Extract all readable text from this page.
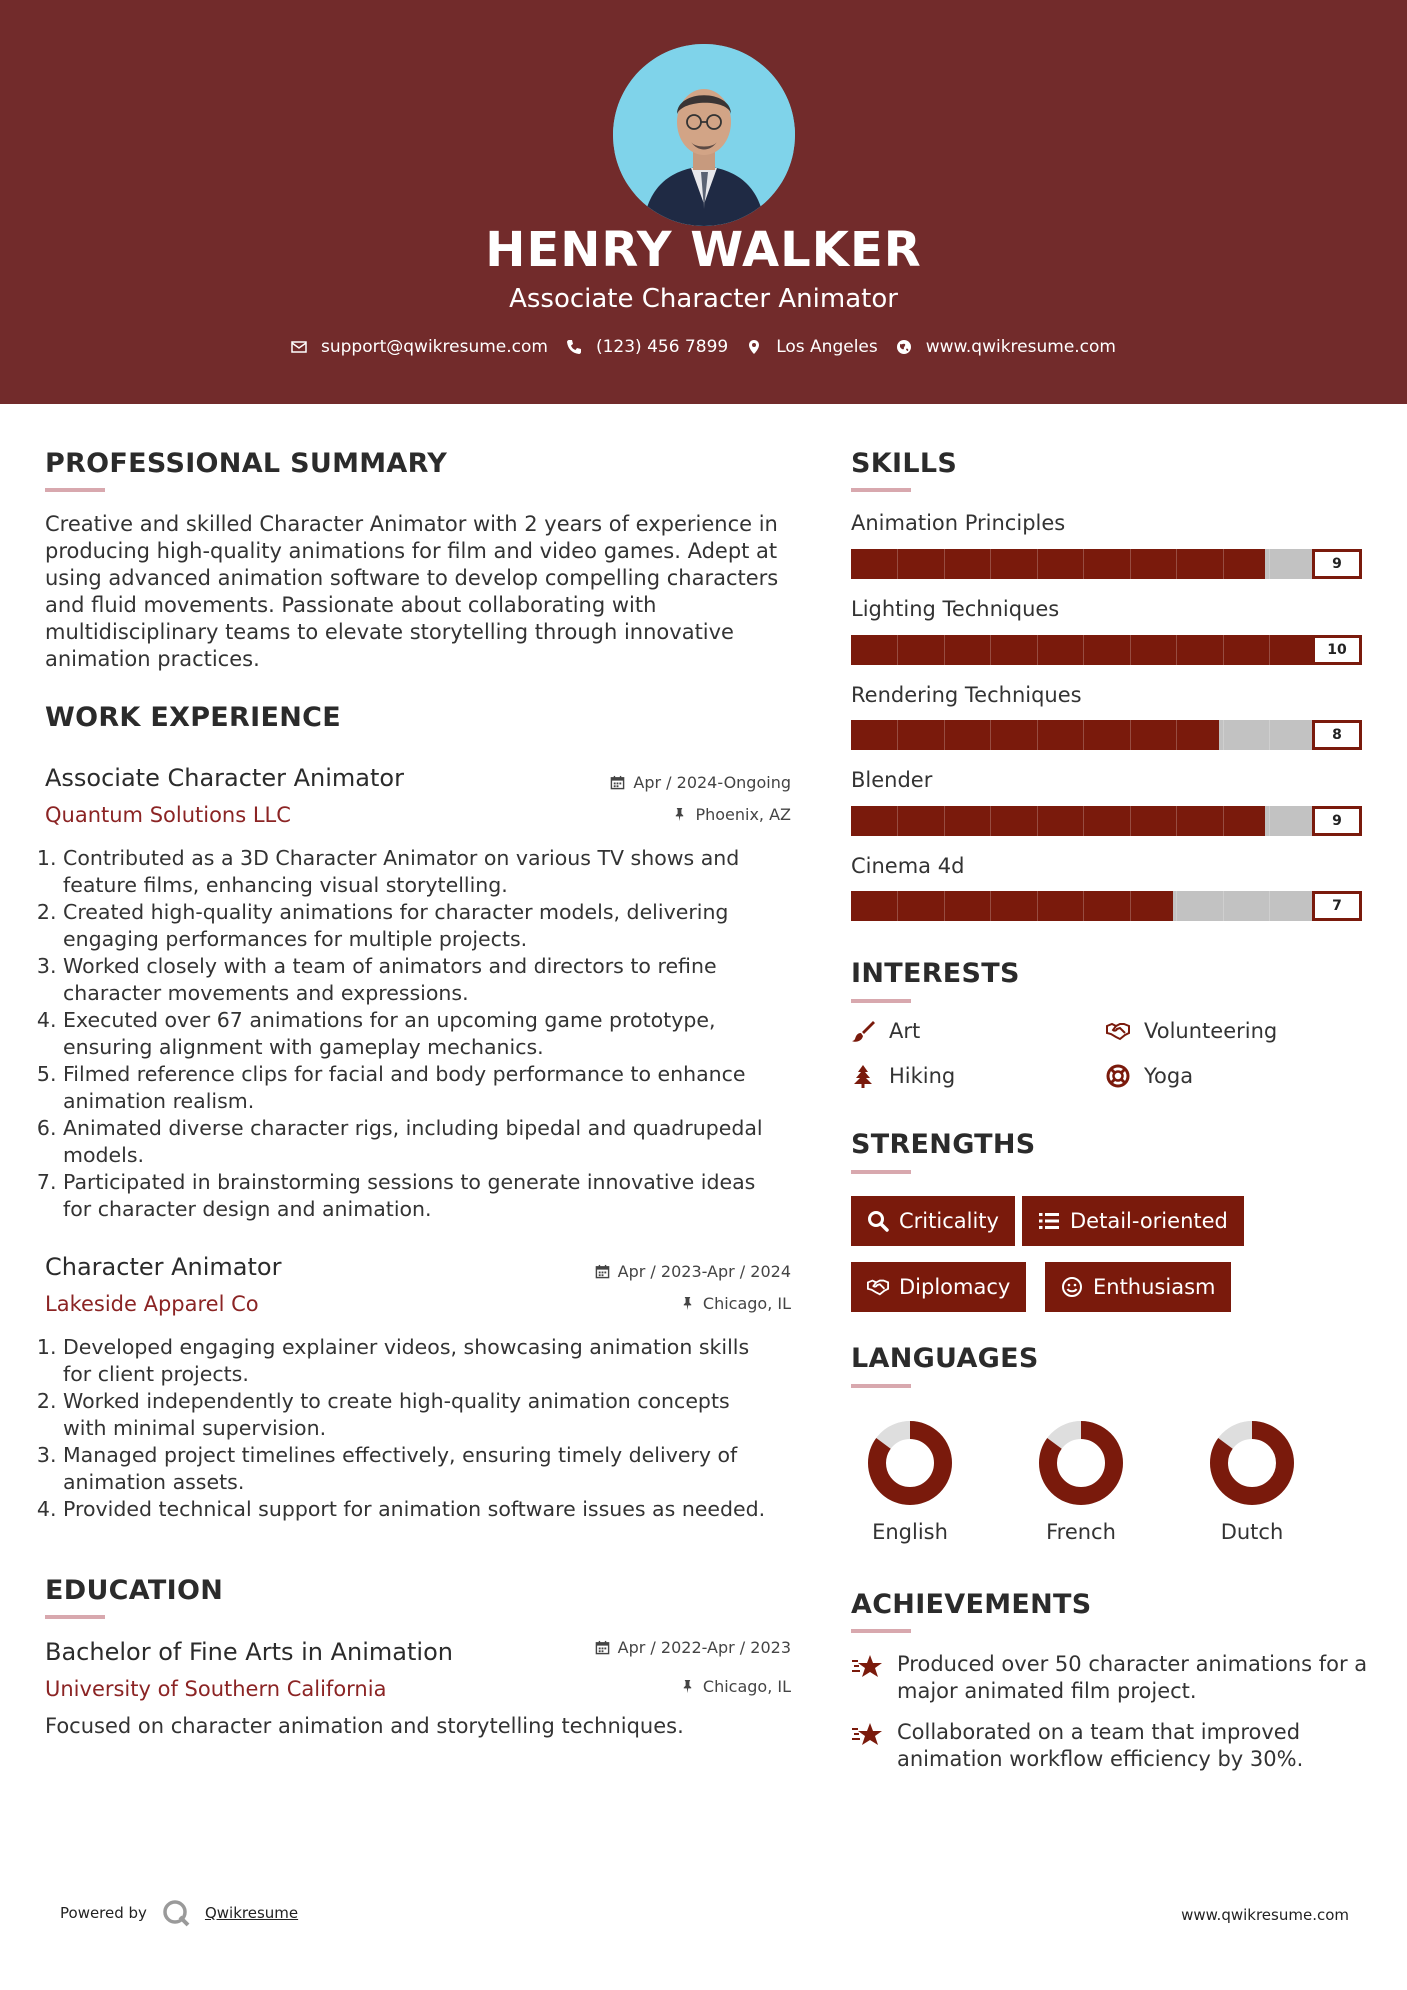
HENRY WALKER
Associate Character Animator
support@qwikresume.com	(123) 456 7899	Los Angeles	www.qwikresume.com
PROFESSIONAL SUMMARY
Creative and skilled Character Animator with 2 years of experience in
producing high-quality animations for film and video games. Adept at
using advanced animation software to develop compelling characters
and fluid movements. Passionate about collaborating with
multidisciplinary teams to elevate storytelling through innovative
animation practices.
WORK EXPERIENCE
Associate Character Animator
Quantum Solutions LLC
Apr / 2024-Ongoing
Phoenix, AZ
1. Contributed as a 3D Character Animator on various TV shows and
feature films, enhancing visual storytelling.
2. Created high-quality animations for character models, delivering
engaging performances for multiple projects.
3. Worked closely with a team of animators and directors to refine
character movements and expressions.
4. Executed over 67 animations for an upcoming game prototype,
ensuring alignment with gameplay mechanics.
5. Filmed reference clips for facial and body performance to enhance
animation realism.
6. Animated diverse character rigs, including bipedal and quadrupedal
models.
7. Participated in brainstorming sessions to generate innovative ideas
for character design and animation.
Character Animator
Lakeside Apparel Co
Apr / 2023-Apr / 2024
Chicago, IL
1. Developed engaging explainer videos, showcasing animation skills
for client projects.
2. Worked independently to create high-quality animation concepts
with minimal supervision.
3. Managed project timelines effectively, ensuring timely delivery of
animation assets.
4. Provided technical support for animation software issues as needed.
EDUCATION
Bachelor of Fine Arts in Animation
University of Southern California
Apr / 2022-Apr / 2023
Chicago, IL
Focused on character animation and storytelling techniques.
SKILLS
Animation Principles
9
Lighting Techniques
10
Rendering Techniques
8
Blender
9
Cinema 4d
7
INTERESTS
Art	Volunteering
Hiking	Yoga
STRENGTHS
Criticality	Detail-oriented
Diplomacy	Enthusiasm
LANGUAGES
English	French	Dutch
ACHIEVEMENTS
Produced over 50 character animations for a
major animated film project.
Collaborated on a team that improved
animation workflow efficiency by 30%.
Powered by	Qwikresume	www.qwikresume.com
